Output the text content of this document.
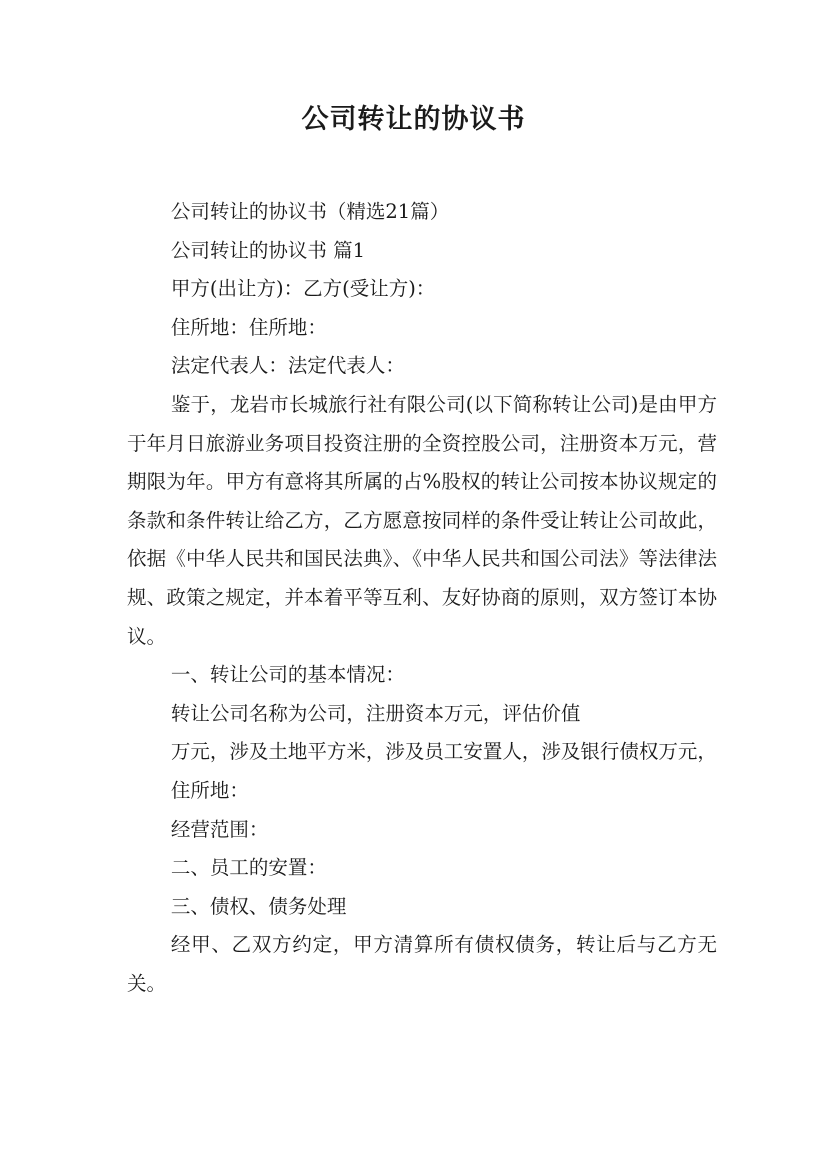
公司转让的协议书

公司转让的协议书（精选21篇）

公司转让的协议书 篇1

甲方(出让方)：乙方(受让方)：

住所地：住所地：

法定代表人：法定代表人：

鉴于，龙岩市长城旅行社有限公司(以下简称转让公司)是由甲方于年月日旅游业务项目投资注册的全资控股公司，注册资本万元，营期限为年。甲方有意将其所属的占%股权的转让公司按本协议规定的条款和条件转让给乙方，乙方愿意按同样的条件受让转让公司故此，依据《中华人民共和国民法典》、《中华人民共和国公司法》等法律法规、政策之规定，并本着平等互利、友好协商的原则，双方签订本协议。

一、转让公司的基本情况：

转让公司名称为公司，注册资本万元，评估价值

万元，涉及土地平方米，涉及员工安置人，涉及银行债权万元，

住所地：

经营范围：

二、员工的安置：

三、债权、债务处理

经甲、乙双方约定，甲方清算所有债权债务，转让后与乙方无关。
